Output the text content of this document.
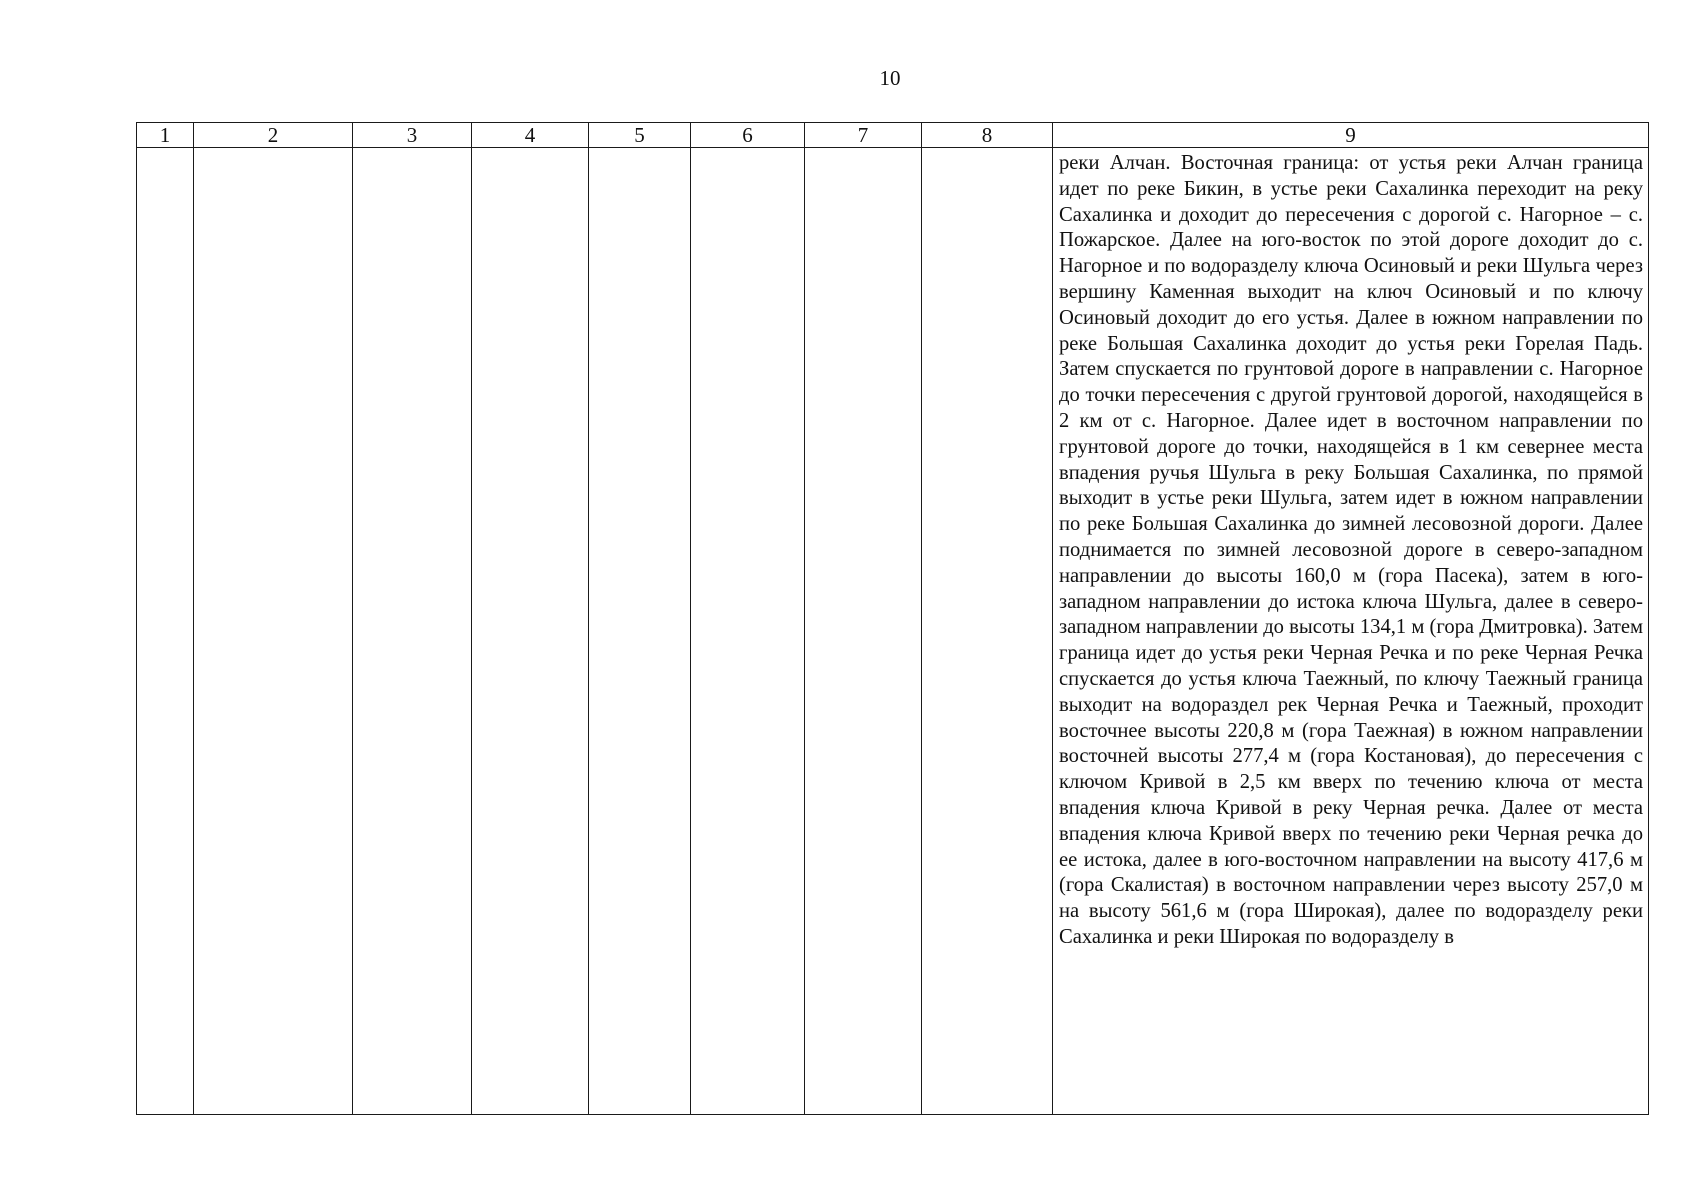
10
1	2	3	4	5	6	7	8	9

								реки Алчан. Восточная граница: от устья реки Алчан граница идет по реке Бикин, в устье реки Сахалинка переходит на реку Сахалинка и доходит до пересечения с дорогой с. Нагорное – с. Пожарское. Далее на юго-восток по этой дороге доходит до с. Нагорное и по водоразделу ключа Осиновый и реки Шульга через вершину Каменная выходит на ключ Осиновый и по ключу Осиновый доходит до его устья. Далее в южном направлении по реке Большая Сахалинка доходит до устья реки Горелая Падь. Затем спускается по грунтовой дороге в направлении с. Нагорное до точки пересечения с другой грунтовой дорогой, находящейся в 2 км от с. Нагорное. Далее идет в восточном направлении по грунтовой дороге до точки, находящейся в 1 км севернее места впадения ручья Шульга в реку Большая Сахалинка, по прямой выходит в устье реки Шульга, затем идет в южном направлении по реке Большая Сахалинка до зимней лесовозной дороги. Далее поднимается по зимней лесовозной дороге в северо-западном направлении до высоты 160,0 м (гора Пасека), затем в юго-западном направлении до истока ключа Шульга, далее в северо-западном направлении до высоты 134,1 м (гора Дмитровка). Затем граница идет до устья реки Черная Речка и по реке Черная Речка спускается до устья ключа Таежный, по ключу Таежный граница выходит на водораздел рек Черная Речка и Таежный, проходит восточнее высоты 220,8 м (гора Таежная) в южном направлении восточней высоты 277,4 м (гора Костановая), до пересечения с ключом Кривой в 2,5 км вверх по течению ключа от места впадения ключа Кривой в реку Черная речка. Далее от места впадения ключа Кривой вверх по течению реки Черная речка до ее истока, далее в юго-восточном направлении на высоту 417,6 м (гора Скалистая) в восточном направлении через высоту 257,0 м на высоту 561,6 м (гора Широкая), далее по водоразделу реки Сахалинка и реки Широкая по водоразделу в
